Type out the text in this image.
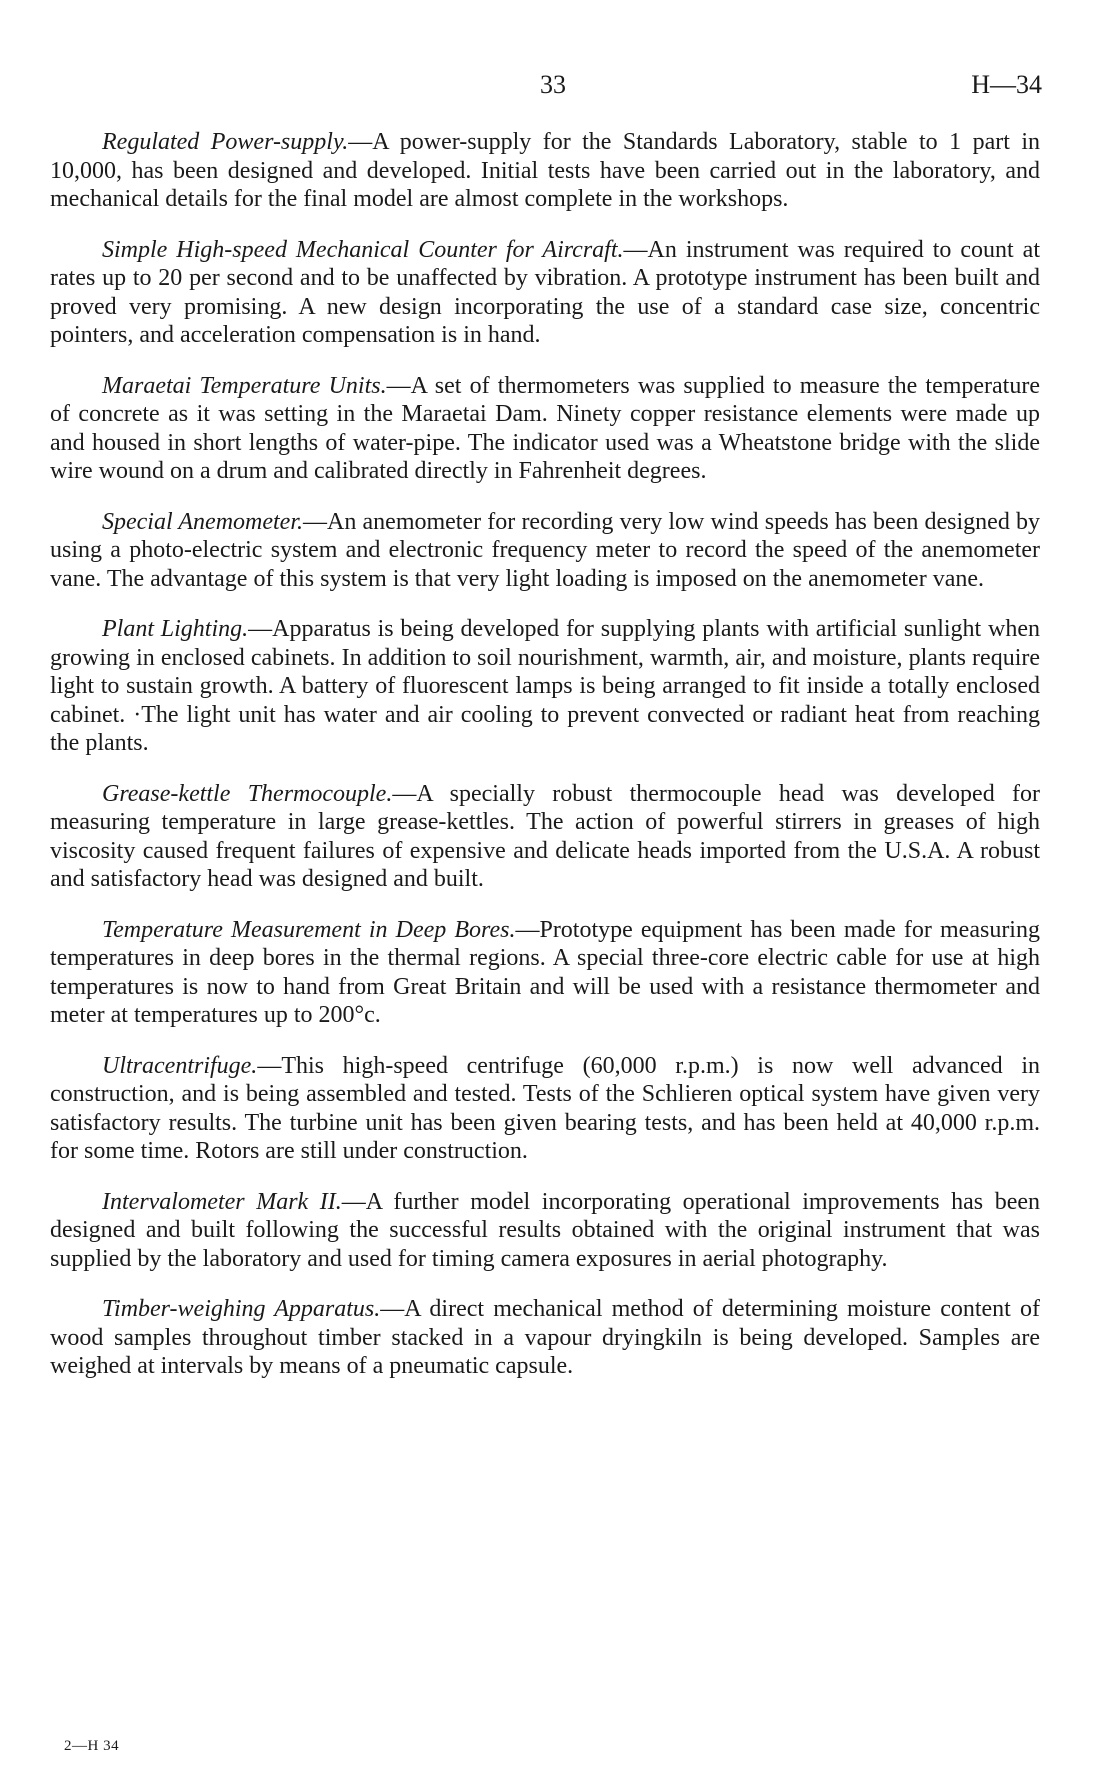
33	H—34

Regulated Power-supply.—A power-supply for the Standards Laboratory, stable to 1 part in 10,000, has been designed and developed. Initial tests have been carried out in the laboratory, and mechanical details for the final model are almost complete in the workshops.

Simple High-speed Mechanical Counter for Aircraft.—An instrument was required to count at rates up to 20 per second and to be unaffected by vibration. A prototype instrument has been built and proved very promising. A new design incorporating the use of a standard case size, concentric pointers, and acceleration compensation is in hand.

Maraetai Temperature Units.—A set of thermometers was supplied to measure the temperature of concrete as it was setting in the Maraetai Dam. Ninety copper resistance elements were made up and housed in short lengths of water-pipe. The indicator used was a Wheatstone bridge with the slide wire wound on a drum and calibrated directly in Fahrenheit degrees.

Special Anemometer.—An anemometer for recording very low wind speeds has been designed by using a photo-electric system and electronic frequency meter to record the speed of the anemometer vane. The advantage of this system is that very light loading is imposed on the anemometer vane.

Plant Lighting.—Apparatus is being developed for supplying plants with artificial sunlight when growing in enclosed cabinets. In addition to soil nourishment, warmth, air, and moisture, plants require light to sustain growth. A battery of fluorescent lamps is being arranged to fit inside a totally enclosed cabinet. ·The light unit has water and air cooling to prevent convected or radiant heat from reaching the plants.

Grease-kettle Thermocouple.—A specially robust thermocouple head was developed for measuring temperature in large grease-kettles. The action of powerful stirrers in greases of high viscosity caused frequent failures of expensive and delicate heads imported from the U.S.A. A robust and satisfactory head was designed and built.

Temperature Measurement in Deep Bores.—Prototype equipment has been made for measuring temperatures in deep bores in the thermal regions. A special three-core electric cable for use at high temperatures is now to hand from Great Britain and will be used with a resistance thermometer and meter at temperatures up to 200°c.

Ultracentrifuge.—This high-speed centrifuge (60,000 r.p.m.) is now well advanced in construction, and is being assembled and tested. Tests of the Schlieren optical system have given very satisfactory results. The turbine unit has been given bearing tests, and has been held at 40,000 r.p.m. for some time. Rotors are still under construction.

Intervalometer Mark II.—A further model incorporating operational improvements has been designed and built following the successful results obtained with the original instrument that was supplied by the laboratory and used for timing camera exposures in aerial photography.

Timber-weighing Apparatus.—A direct mechanical method of determining moisture content of wood samples throughout timber stacked in a vapour dryingkiln is being developed. Samples are weighed at intervals by means of a pneumatic capsule.

2—H 34
